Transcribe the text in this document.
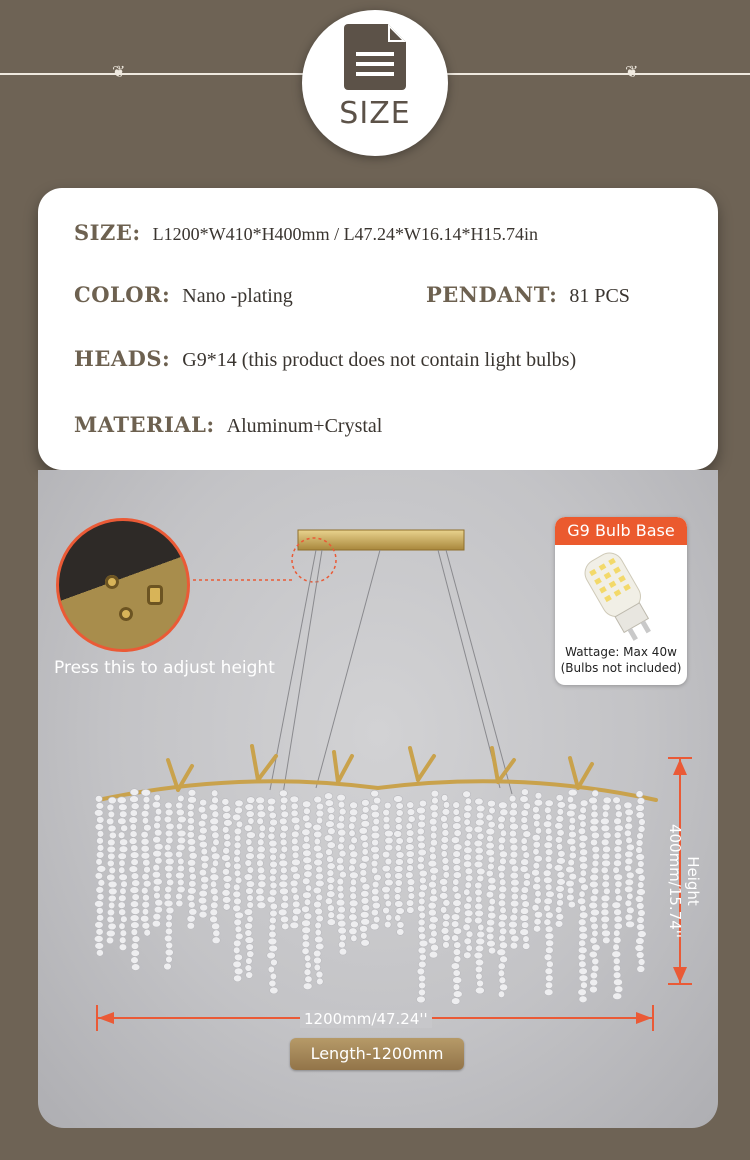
❦	❦
SIZE
SIZE: L1200*W410*H400mm / L47.24*W16.14*H15.74in
COLOR: Nano -plating	PENDANT: 81 PCS
HEADS: G9*14 (this product does not contain light bulbs)
MATERIAL: Aluminum+Crystal
Press this to adjust height
G9 Bulb Base
Wattage: Max 40w
(Bulbs not included)
1200mm/47.24''
Height
400mm/15.74''
Length-1200mm
